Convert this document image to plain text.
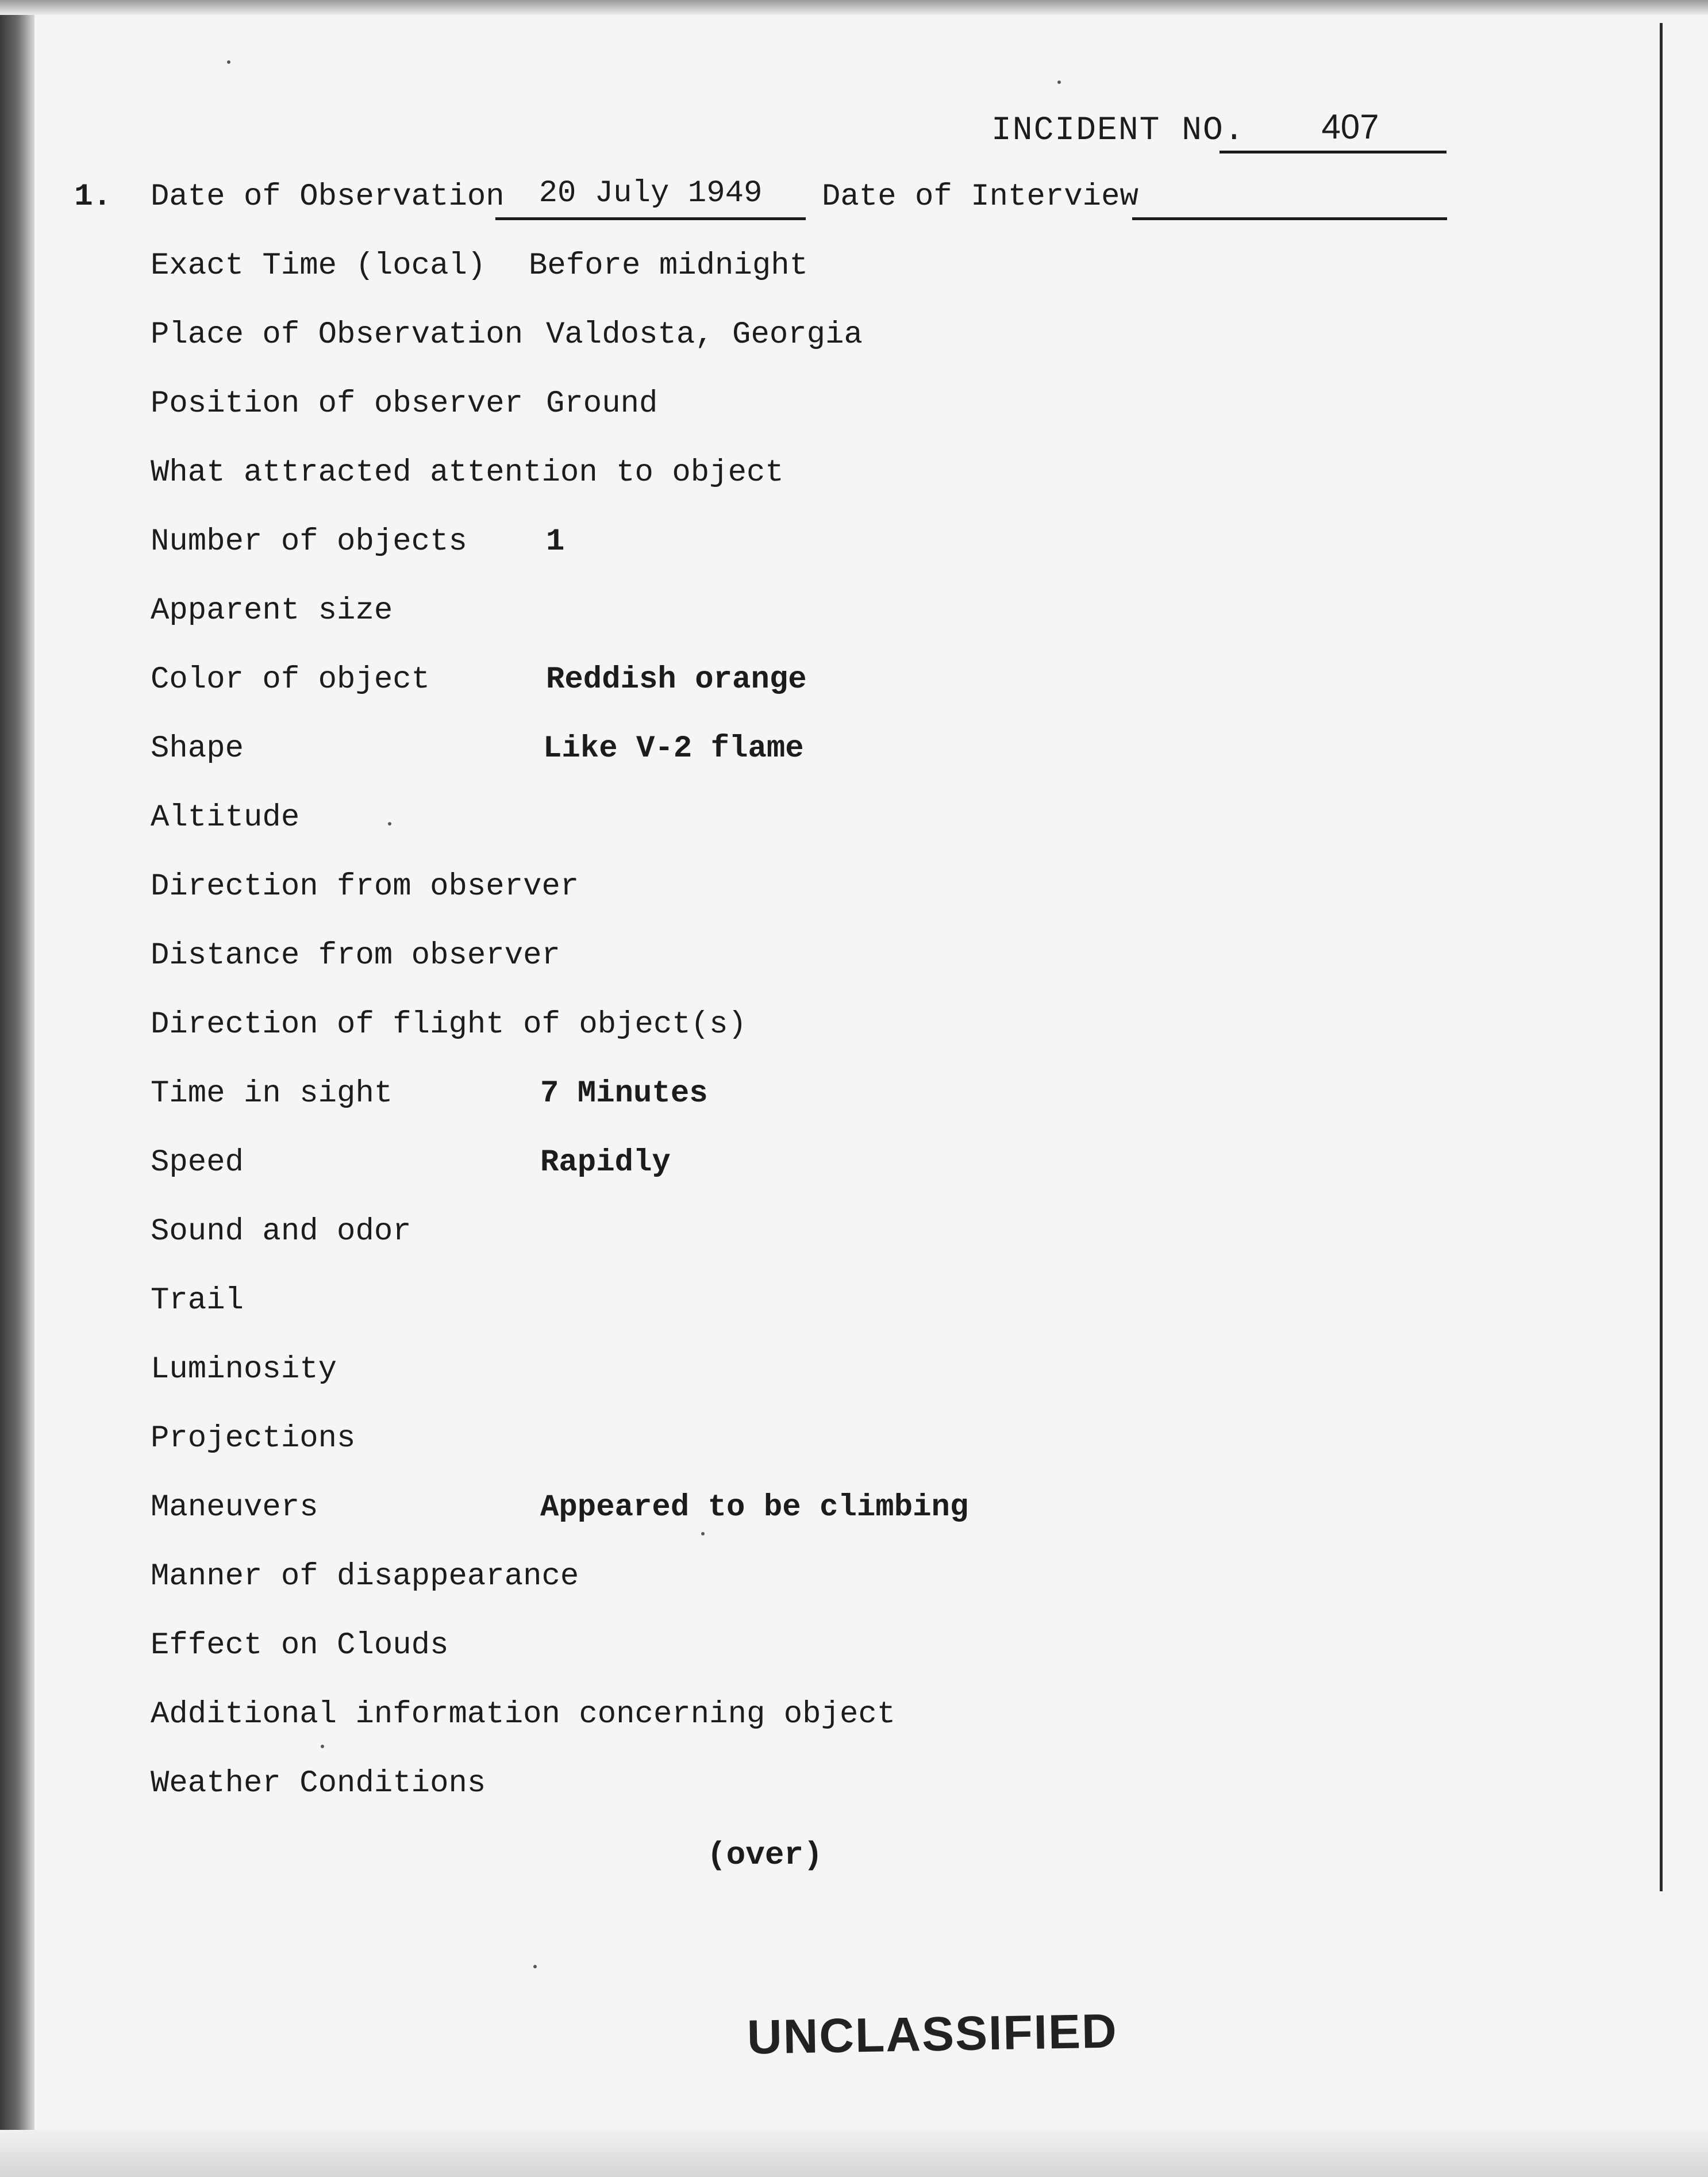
INCIDENT NO.	407
1. Date of Observation	20 July 1949	Date of Interview
Exact Time (local) Before midnight
Place of Observation Valdosta, Georgia
Position of observer Ground
What attracted attention to object
Number of objects	1
Apparent size
Color of object	Reddish orange
Shape	Like V-2 flame
Altitude
Direction from observer
Distance from observer
Direction of flight of object(s)
Time in sight	7 Minutes
Speed	Rapidly
Sound and odor
Trail
Luminosity
Projections
Maneuvers	Appeared to be climbing
Manner of disappearance
Effect on Clouds
Additional information concerning object
Weather Conditions
(over)
UNCLASSIFIED
